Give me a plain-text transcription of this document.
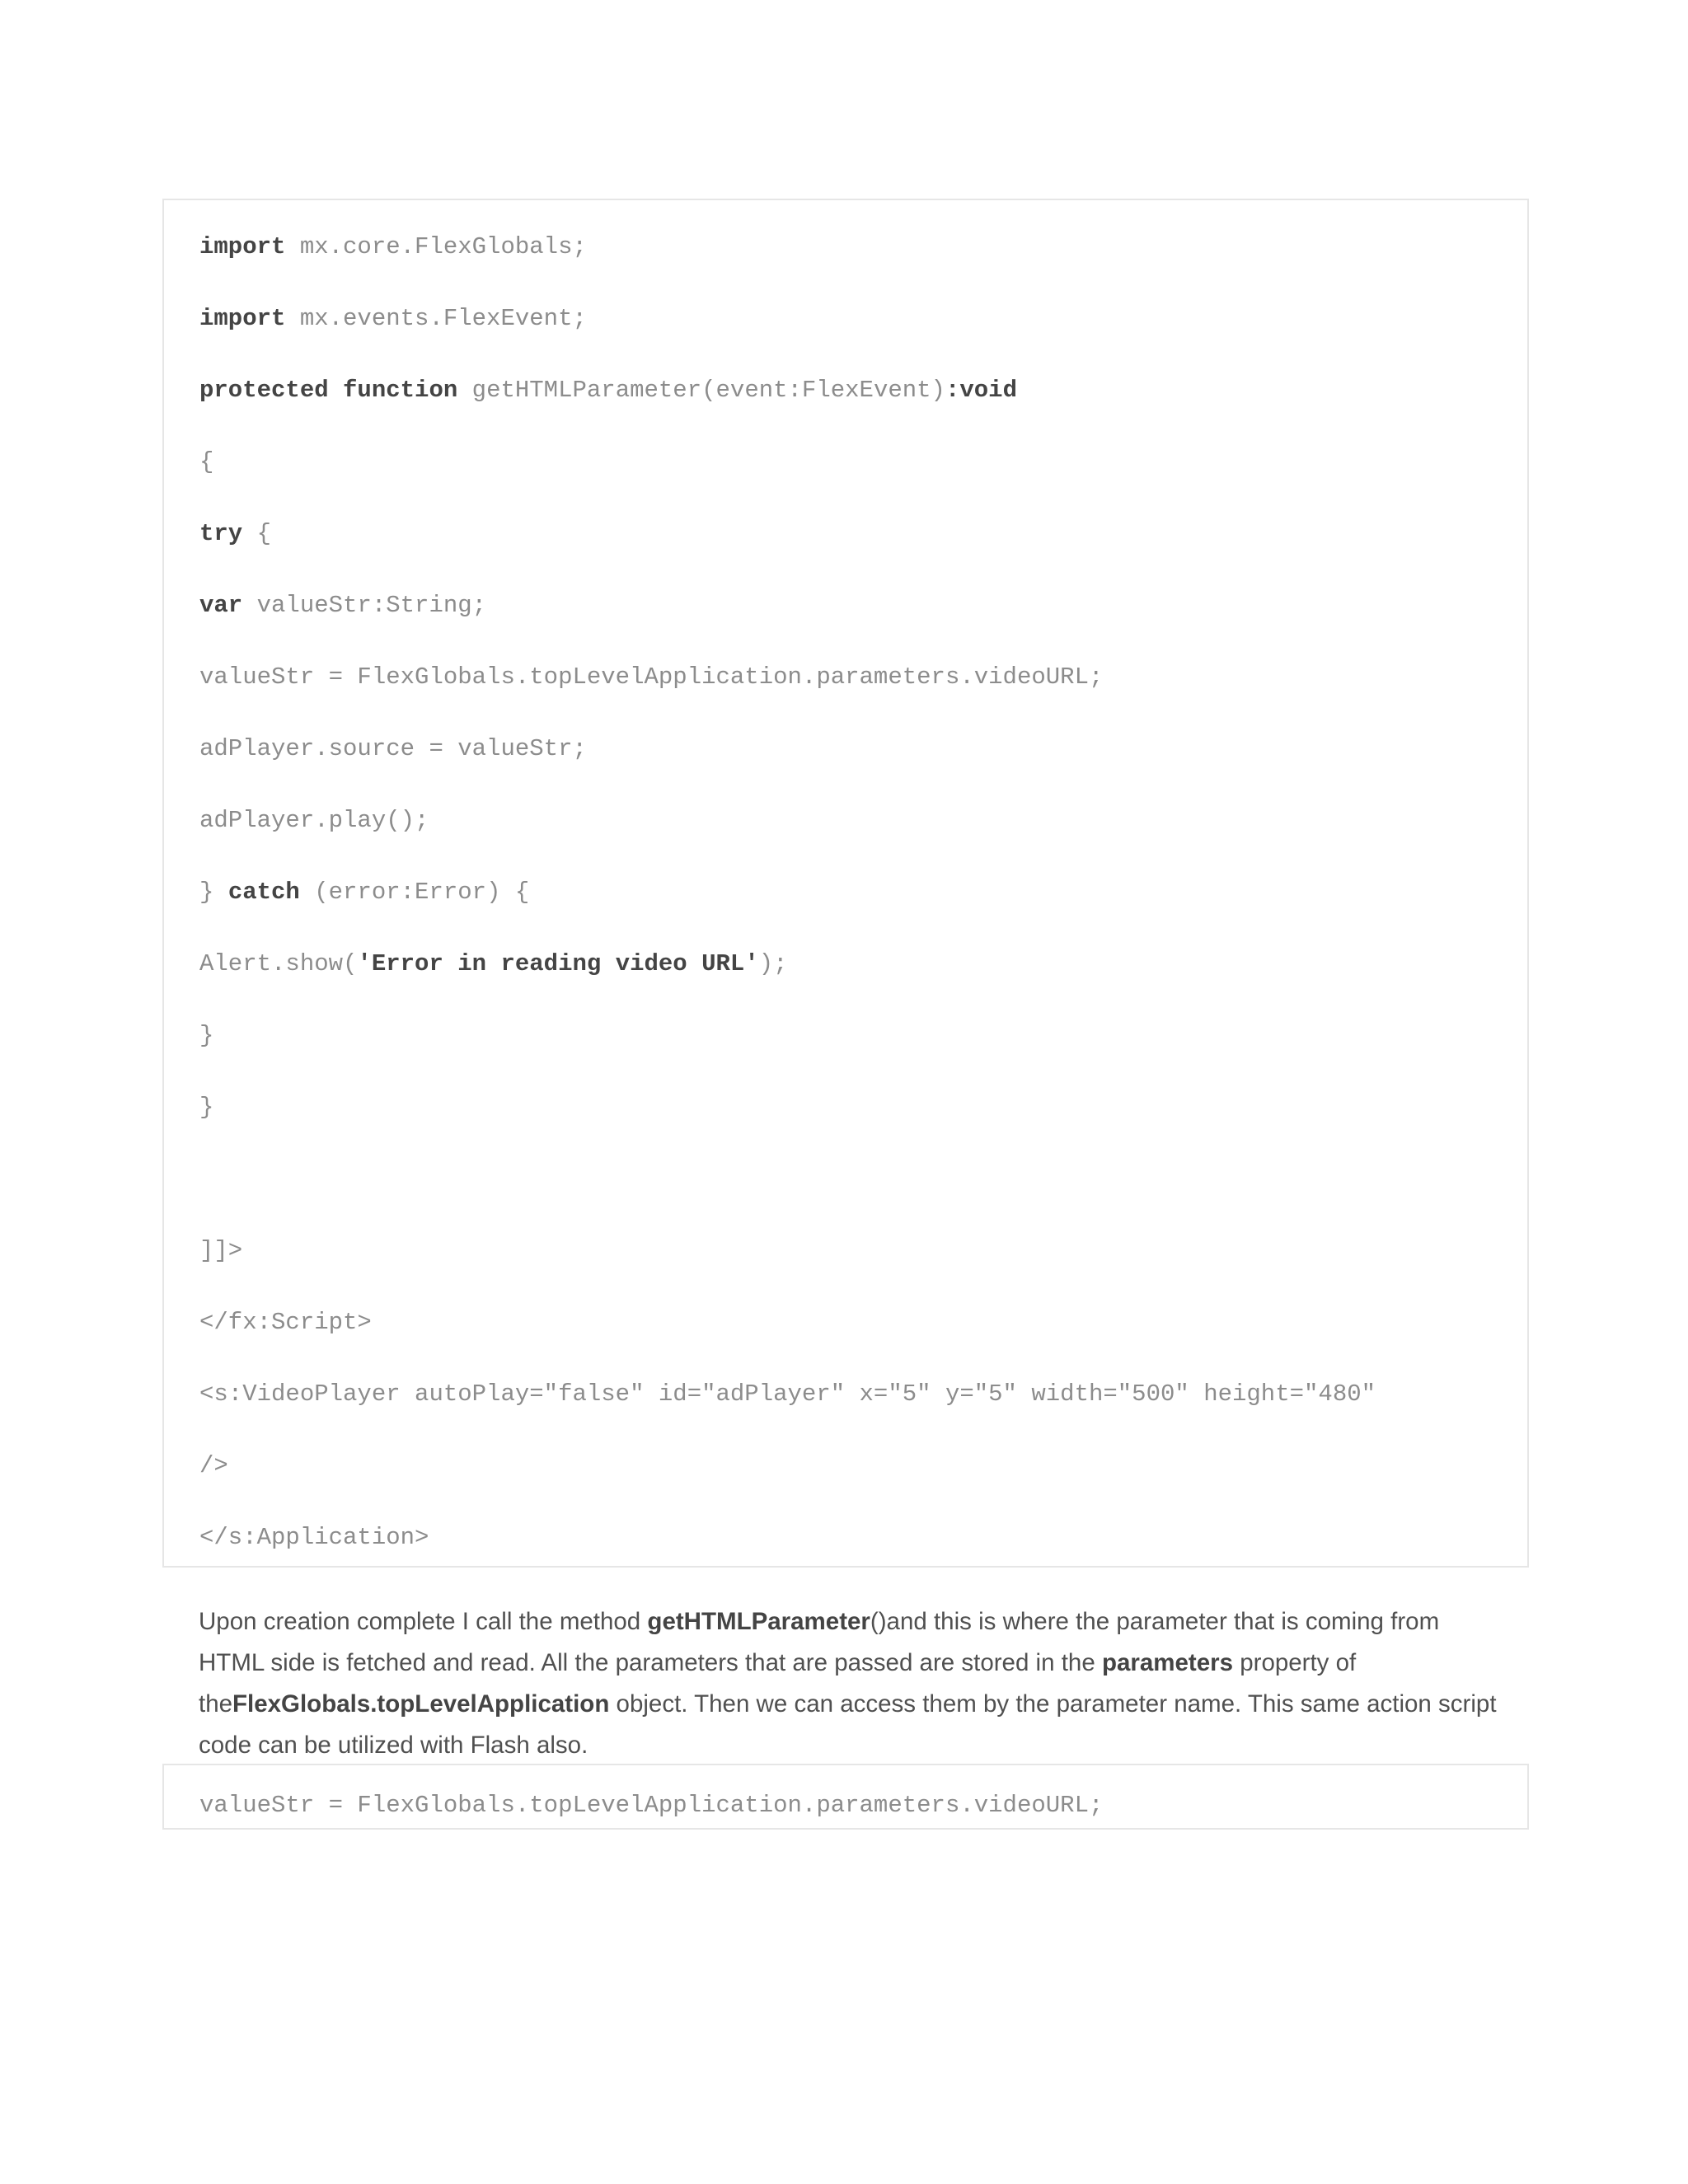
import mx.core.FlexGlobals;
import mx.events.FlexEvent;
protected function getHTMLParameter(event:FlexEvent):void
{
try {
var valueStr:String;
valueStr = FlexGlobals.topLevelApplication.parameters.videoURL;
adPlayer.source = valueStr;
adPlayer.play();
} catch (error:Error) {
Alert.show('Error in reading video URL');
}
}
]]>
</fx:Script>
<s:VideoPlayer autoPlay="false" id="adPlayer" x="5" y="5" width="500" height="480"
/>
</s:Application>

Upon creation complete I call the method getHTMLParameter()and this is where the parameter that is coming from HTML side is fetched and read. All the parameters that are passed are stored in the parameters property of theFlexGlobals.topLevelApplication object. Then we can access them by the parameter name. This same action script code can be utilized with Flash also.

valueStr = FlexGlobals.topLevelApplication.parameters.videoURL;
